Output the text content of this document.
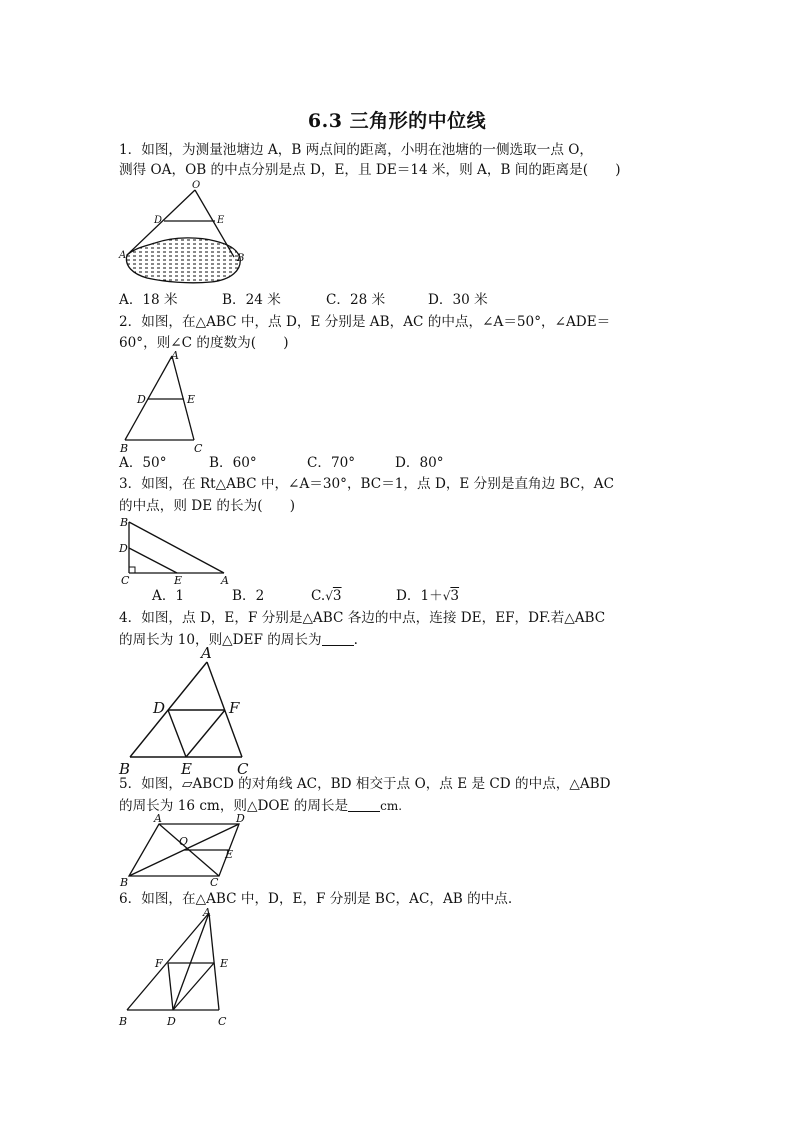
6.3 三角形的中位线
1．如图，为测量池塘边 A，B 两点间的距离，小明在池塘的一侧选取一点 O，
测得 OA，OB 的中点分别是点 D，E，且 DE＝14 米，则 A，B 间的距离是(　　)
O
D	E
A	B
A．18 米	B．24 米	C．28 米	D．30 米
2．如图，在△ABC 中，点 D，E 分别是 AB，AC 的中点，∠A＝50°，∠ADE＝
60°，则∠C 的度数为(　　)
A
D	E
B	C
A．50°	B．60°	C．70°	D．80°
3．如图，在 Rt△ABC 中，∠A＝30°，BC＝1，点 D，E 分别是直角边 BC，AC
的中点，则 DE 的长为(　　)
B
D
C	E	A
A．1	B．2	C.√3	D．1＋√3
4．如图，点 D，E，F 分别是△ABC 各边的中点，连接 DE，EF，DF.若△ABC
的周长为 10，则△DEF 的周长为 .
A
D	F
B	E	C
5．如图，▱ABCD 的对角线 AC，BD 相交于点 O，点 E 是 CD 的中点，△ABD
的周长为 16 cm，则△DOE 的周长是	cm.
A	D
O
E
B	C
6．如图，在△ABC 中，D，E，F 分别是 BC，AC，AB 的中点.
A
F	E
B	D	C
